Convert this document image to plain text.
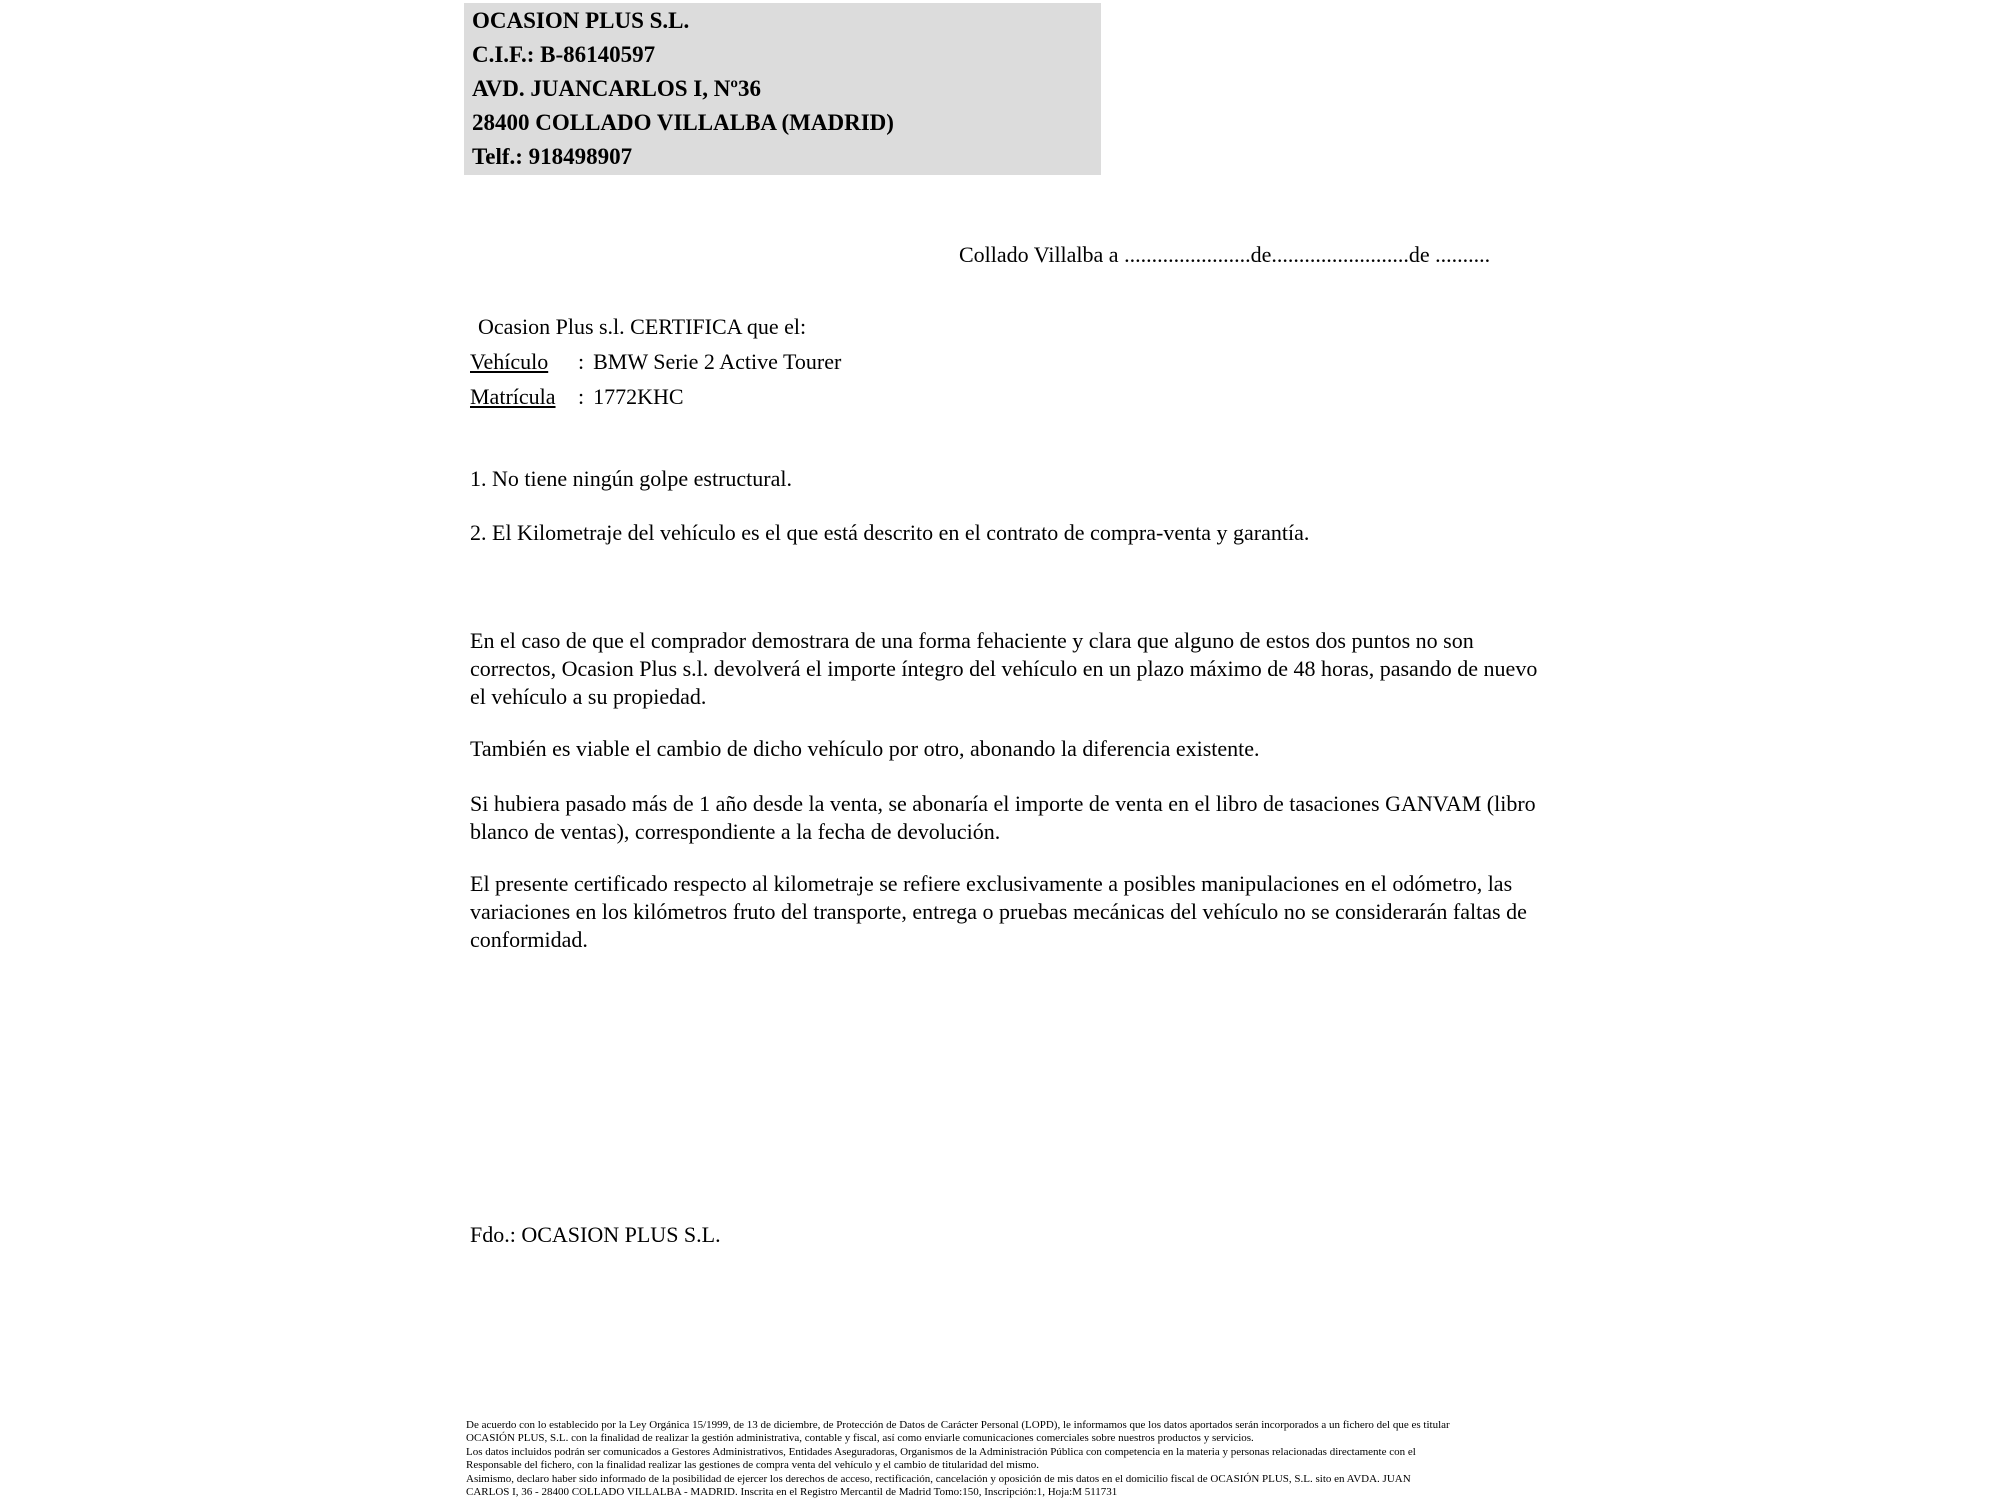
OCASION PLUS S.L.
C.I.F.: B-86140597
AVD. JUANCARLOS I, Nº36
28400 COLLADO VILLALBA (MADRID)
Telf.: 918498907
Collado Villalba a .......................de.........................de ..........
Ocasion Plus s.l. CERTIFICA que el:
Vehículo : BMW Serie 2 Active Tourer
Matrícula : 1772KHC
1. No tiene ningún golpe estructural.
2. El Kilometraje del vehículo es el que está descrito en el contrato de compra-venta y garantía.
En el caso de que el comprador demostrara de una forma fehaciente y clara que alguno de estos dos puntos no son correctos, Ocasion Plus s.l. devolverá el importe íntegro del vehículo en un plazo máximo de 48 horas, pasando de nuevo el vehículo a su propiedad.
También es viable el cambio de dicho vehículo por otro, abonando la diferencia existente.
Si hubiera pasado más de 1 año desde la venta, se abonaría el importe de venta en el libro de tasaciones GANVAM (libro blanco de ventas), correspondiente a la fecha de devolución.
El presente certificado respecto al kilometraje se refiere exclusivamente a posibles manipulaciones en el odómetro, las variaciones en los kilómetros fruto del transporte, entrega o pruebas mecánicas del vehículo no se considerarán faltas de conformidad.
Fdo.: OCASION PLUS S.L.
De acuerdo con lo establecido por la Ley Orgánica 15/1999, de 13 de diciembre, de Protección de Datos de Carácter Personal (LOPD), le informamos que los datos aportados serán incorporados a un fichero del que es titular
OCASIÓN PLUS, S.L. con la finalidad de realizar la gestión administrativa, contable y fiscal, así como enviarle comunicaciones comerciales sobre nuestros productos y servicios.
Los datos incluidos podrán ser comunicados a Gestores Administrativos, Entidades Aseguradoras, Organismos de la Administración Pública con competencia en la materia y personas relacionadas directamente con el
Responsable del fichero, con la finalidad realizar las gestiones de compra venta del vehículo y el cambio de titularidad del mismo.
Asimismo, declaro haber sido informado de la posibilidad de ejercer los derechos de acceso, rectificación, cancelación y oposición de mis datos en el domicilio fiscal de OCASIÓN PLUS, S.L. sito en AVDA. JUAN
CARLOS I, 36 - 28400 COLLADO VILLALBA - MADRID. Inscrita en el Registro Mercantil de Madrid Tomo:150, Inscripción:1, Hoja:M 511731
